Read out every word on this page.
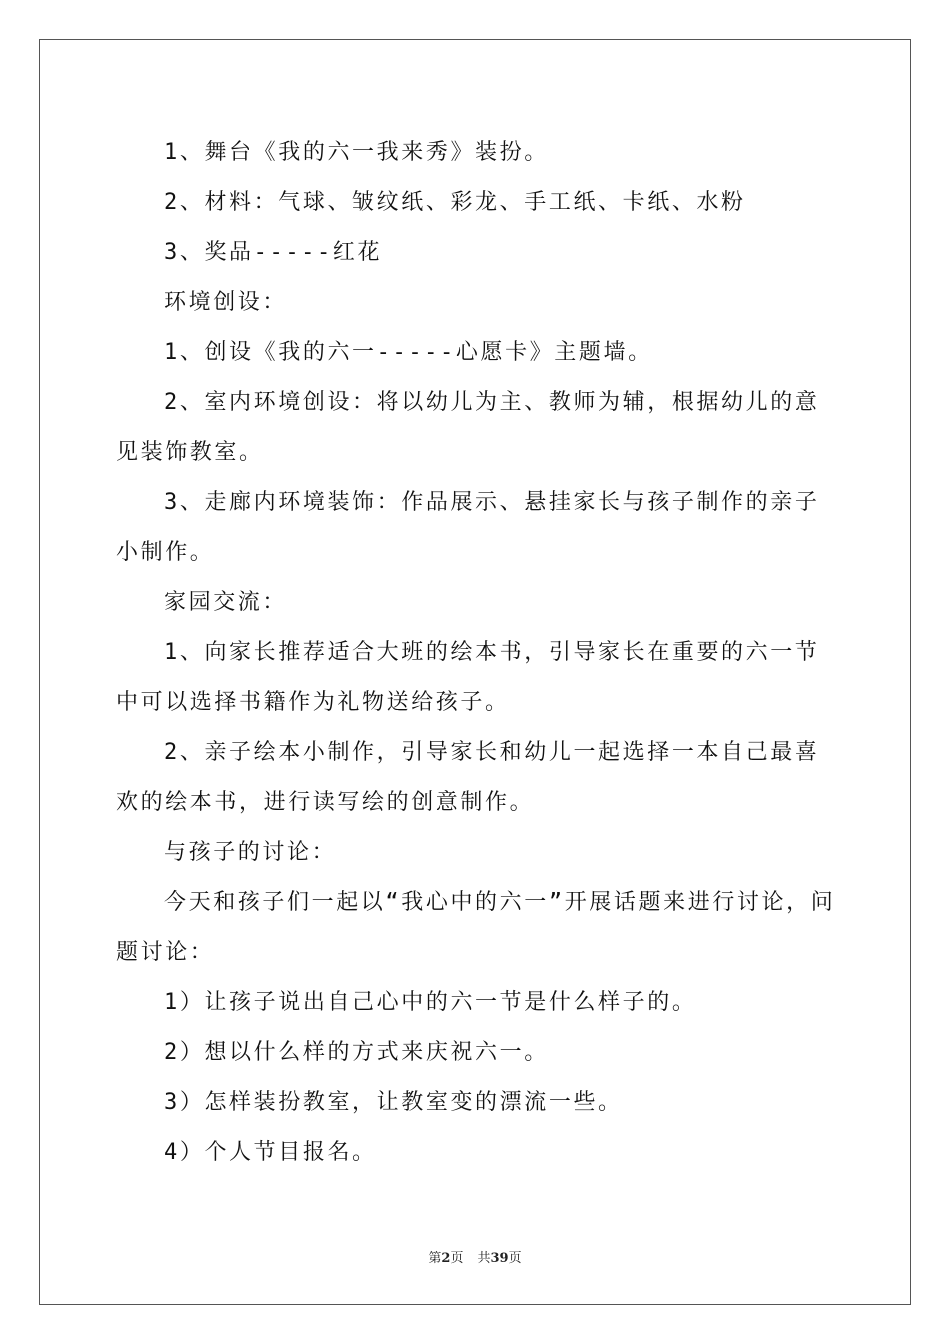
1、舞台《我的六一我来秀》装扮。

2、材料：气球、皱纹纸、彩龙、手工纸、卡纸、水粉

3、奖品-----红花

环境创设：

1、创设《我的六一-----心愿卡》主题墙。

2、室内环境创设：将以幼儿为主、教师为辅，根据幼儿的意见装饰教室。

3、走廊内环境装饰：作品展示、悬挂家长与孩子制作的亲子小制作。

家园交流：

1、向家长推荐适合大班的绘本书，引导家长在重要的六一节中可以选择书籍作为礼物送给孩子。

2、亲子绘本小制作，引导家长和幼儿一起选择一本自己最喜欢的绘本书，进行读写绘的创意制作。

与孩子的讨论：

今天和孩子们一起以“我心中的六一”开展话题来进行讨论，问题讨论：

1）让孩子说出自己心中的六一节是什么样子的。

2）想以什么样的方式来庆祝六一。

3）怎样装扮教室，让教室变的漂流一些。

4）个人节目报名。

第2页 共39页
